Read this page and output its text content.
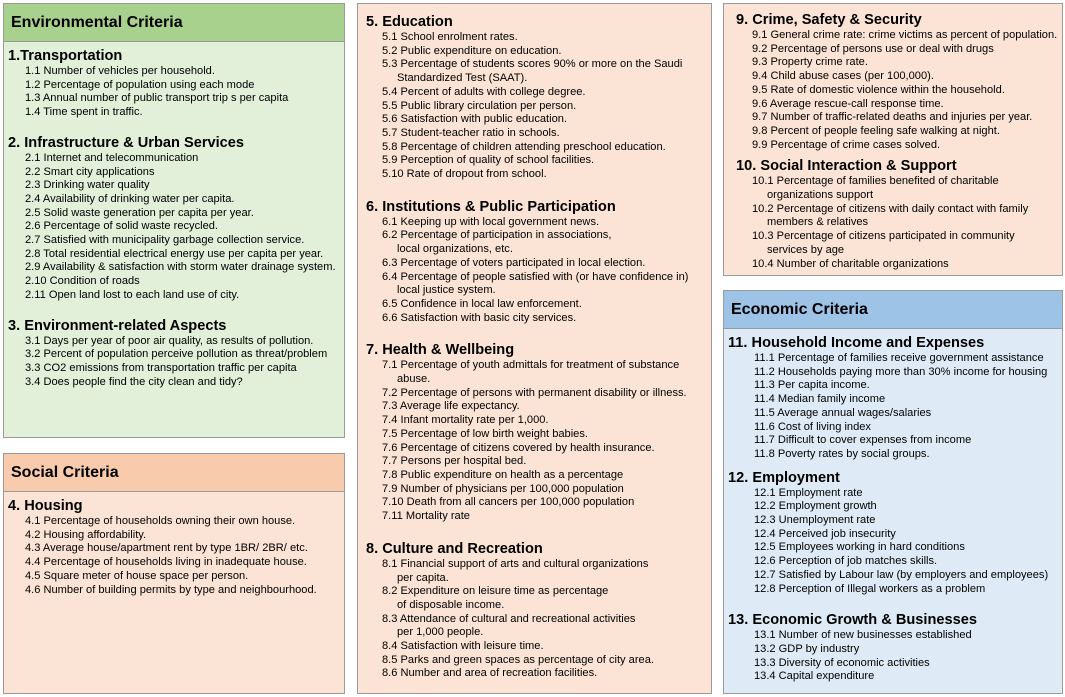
Environmental Criteria
1.Transportation
1.1 Number of vehicles per household.
1.2 Percentage of population using each mode
1.3 Annual number of public transport trip s per capita
1.4 Time spent in traffic.
2. Infrastructure & Urban Services
2.1 Internet and telecommunication
2.2 Smart city applications
2.3 Drinking water quality
2.4 Availability of drinking water per capita.
2.5 Solid waste generation per capita per year.
2.6 Percentage of solid waste recycled.
2.7 Satisfied with municipality garbage collection service.
2.8 Total residential electrical energy use per capita per year.
2.9 Availability & satisfaction with storm water drainage system.
2.10 Condition of roads
2.11 Open land lost to each land use of city.
3. Environment-related Aspects
3.1 Days per year of poor air quality, as results of pollution.
3.2 Percent of population perceive pollution as threat/problem
3.3 CO2 emissions from transportation traffic per capita
3.4 Does people find the city clean and tidy?
Social Criteria
4. Housing
4.1 Percentage of households owning their own house.
4.2 Housing affordability.
4.3 Average house/apartment rent by type 1BR/ 2BR/ etc.
4.4 Percentage of households living in inadequate house.
4.5 Square meter of house space per person.
4.6 Number of building permits by type and neighbourhood.
5. Education
5.1 School enrolment rates.
5.2 Public expenditure on education.
5.3 Percentage of students scores 90% or more on the Saudi
Standardized Test (SAAT).
5.4 Percent of adults with college degree.
5.5 Public library circulation per person.
5.6 Satisfaction with public education.
5.7 Student-teacher ratio in schools.
5.8 Percentage of children attending preschool education.
5.9 Perception of quality of school facilities.
5.10 Rate of dropout from school.
6. Institutions & Public Participation
6.1 Keeping up with local government news.
6.2 Percentage of participation in associations,
local organizations, etc.
6.3 Percentage of voters participated in local election.
6.4 Percentage of people satisfied with (or have confidence in)
local justice system.
6.5 Confidence in local law enforcement.
6.6 Satisfaction with basic city services.
7. Health & Wellbeing
7.1 Percentage of youth admittals for treatment of substance
abuse.
7.2 Percentage of persons with permanent disability or illness.
7.3 Average life expectancy.
7.4 Infant mortality rate per 1,000.
7.5 Percentage of low birth weight babies.
7.6 Percentage of citizens covered by health insurance.
7.7 Persons per hospital bed.
7.8 Public expenditure on health as a percentage
7.9 Number of physicians per 100,000 population
7.10 Death from all cancers per 100,000 population
7.11 Mortality rate
8. Culture and Recreation
8.1 Financial support of arts and cultural organizations
per capita.
8.2 Expenditure on leisure time as percentage
of disposable income.
8.3 Attendance of cultural and recreational activities
per 1,000 people.
8.4 Satisfaction with leisure time.
8.5 Parks and green spaces as percentage of city area.
8.6 Number and area of recreation facilities.
9. Crime, Safety & Security
9.1 General crime rate: crime victims as percent of population.
9.2 Percentage of persons use or deal with drugs
9.3 Property crime rate.
9.4 Child abuse cases (per 100,000).
9.5 Rate of domestic violence within the household.
9.6 Average rescue-call response time.
9.7 Number of traffic-related deaths and injuries per year.
9.8 Percent of people feeling safe walking at night.
9.9 Percentage of crime cases solved.
10. Social Interaction & Support
10.1 Percentage of families benefited of charitable
organizations support
10.2 Percentage of citizens with daily contact with family
members & relatives
10.3 Percentage of citizens participated in community
services by age
10.4 Number of charitable organizations
Economic Criteria
11. Household Income and Expenses
11.1 Percentage of families receive government assistance
11.2 Households paying more than 30% income for housing
11.3 Per capita income.
11.4 Median family income
11.5 Average annual wages/salaries
11.6 Cost of living index
11.7 Difficult to cover expenses from income
11.8 Poverty rates by social groups.
12. Employment
12.1 Employment rate
12.2 Employment growth
12.3 Unemployment rate
12.4 Perceived job insecurity
12.5 Employees working in hard conditions
12.6 Perception of job matches skills.
12.7 Satisfied by Labour law (by employers and employees)
12.8 Perception of Illegal workers as a problem
13. Economic Growth & Businesses
13.1 Number of new businesses established
13.2 GDP by industry
13.3 Diversity of economic activities
13.4 Capital expenditure
